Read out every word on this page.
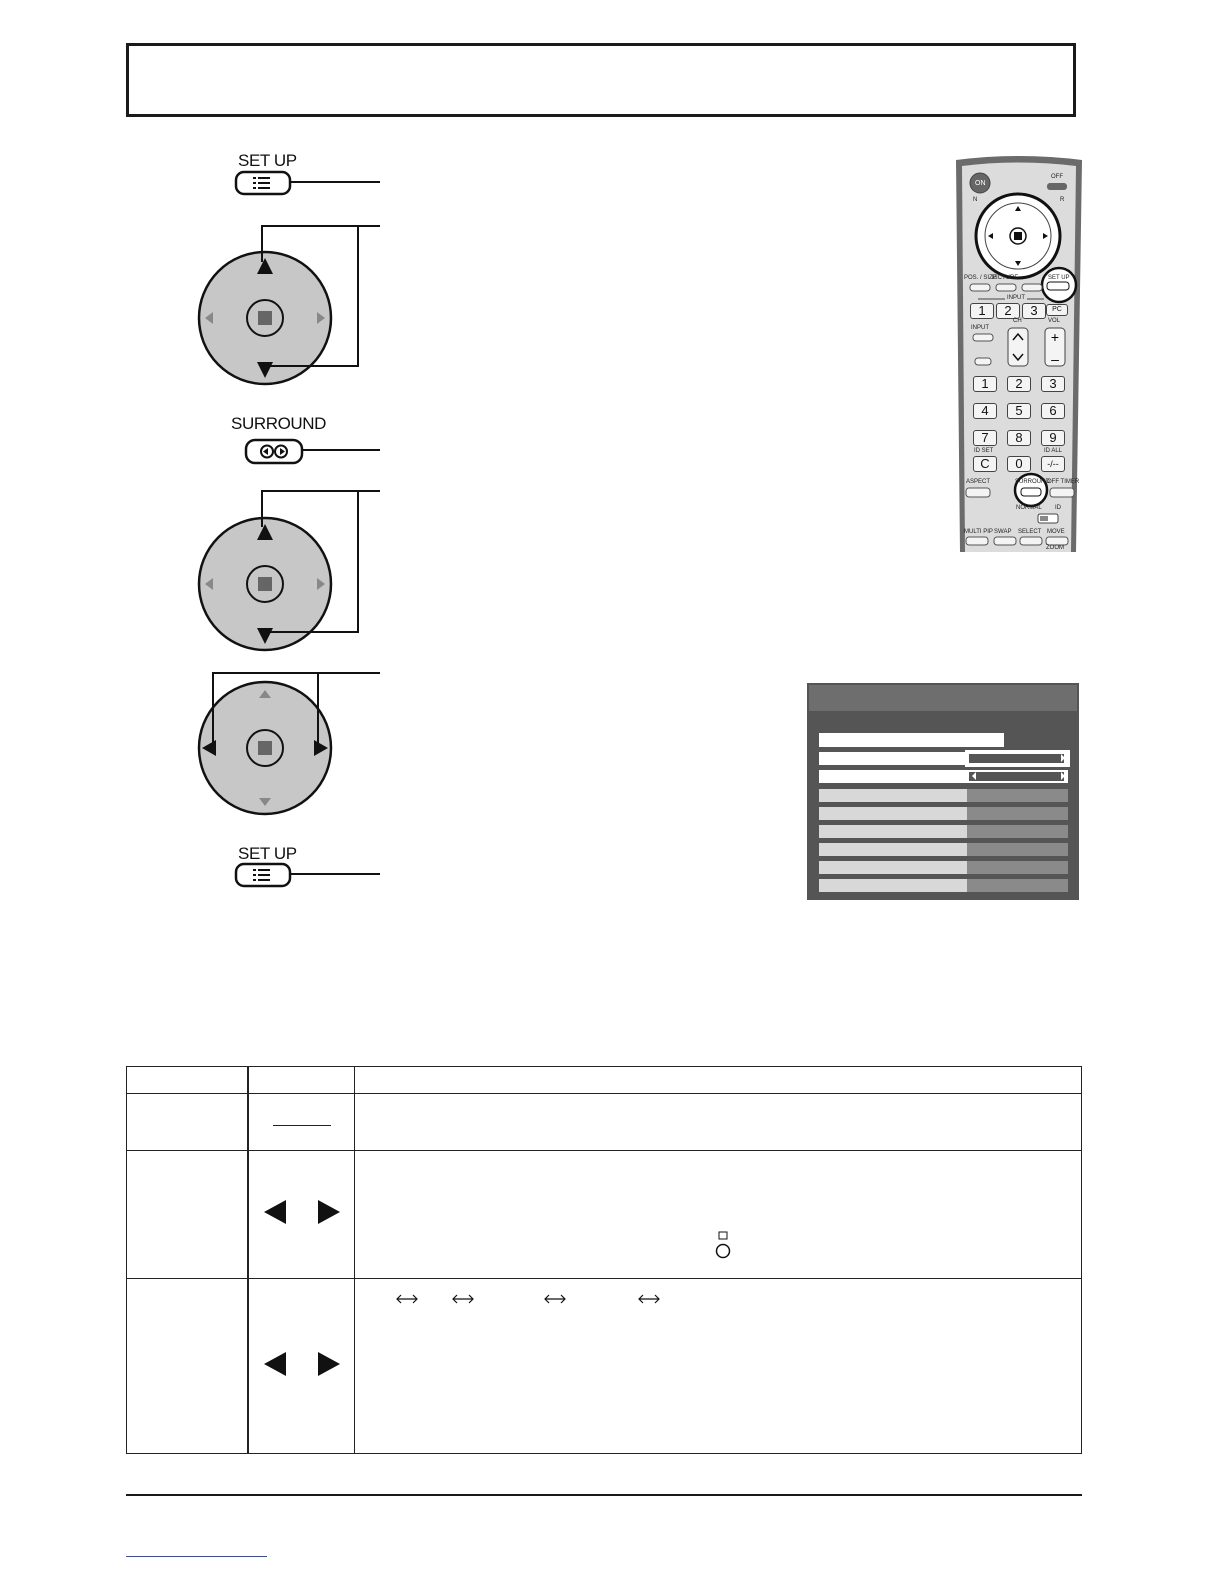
SET UP
SURROUND
SET UP
+
–
ON
OFF
N	R
POS. / SIZE
PICTURE	SET UP
INPUT
1	2	3	PC
INPUT
CH	VOL
1	2	3
4	5	6
7	8	9
ID SET	ID ALL
C	0	-/--
ASPECT	SURROUND
OFF TIMER
NORMAL ID
MULTI PIP SWAP SELECT MOVE
ZOOM
